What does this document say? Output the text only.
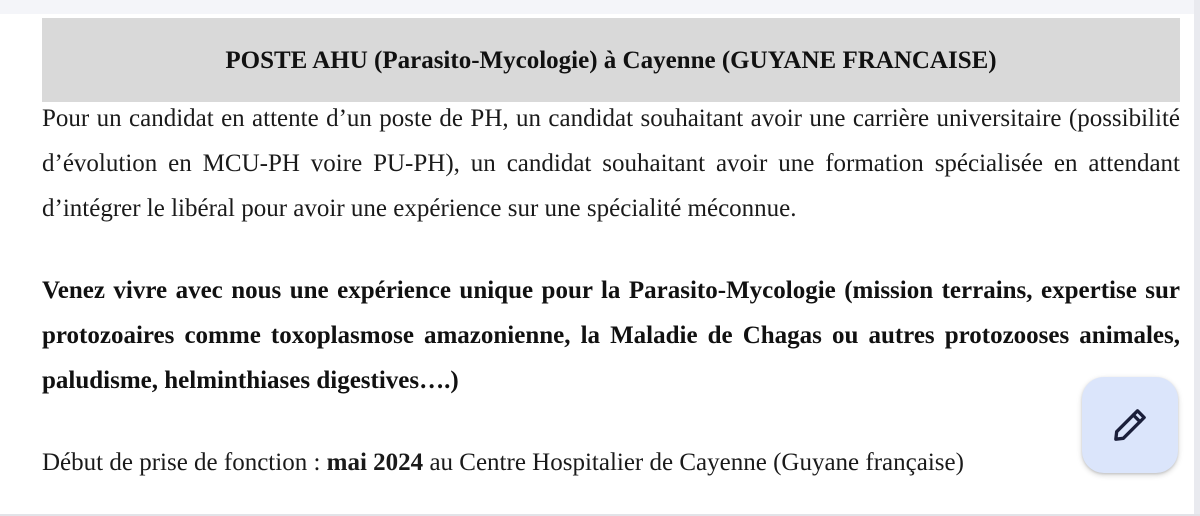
POSTE AHU (Parasito-Mycologie) à Cayenne (GUYANE FRANCAISE)

Pour un candidat en attente d’un poste de PH, un candidat souhaitant avoir une carrière universitaire (possibilité d’évolution en MCU-PH voire PU-PH), un candidat souhaitant avoir une formation spécialisée en attendant d’intégrer le libéral pour avoir une expérience sur une spécialité méconnue.

Venez vivre avec nous une expérience unique pour la Parasito-Mycologie (mission terrains, expertise sur protozoaires comme toxoplasmose amazonienne, la Maladie de Chagas ou autres protozooses animales, paludisme, helminthiases digestives….)

Début de prise de fonction : mai 2024 au Centre Hospitalier de Cayenne (Guyane française)
